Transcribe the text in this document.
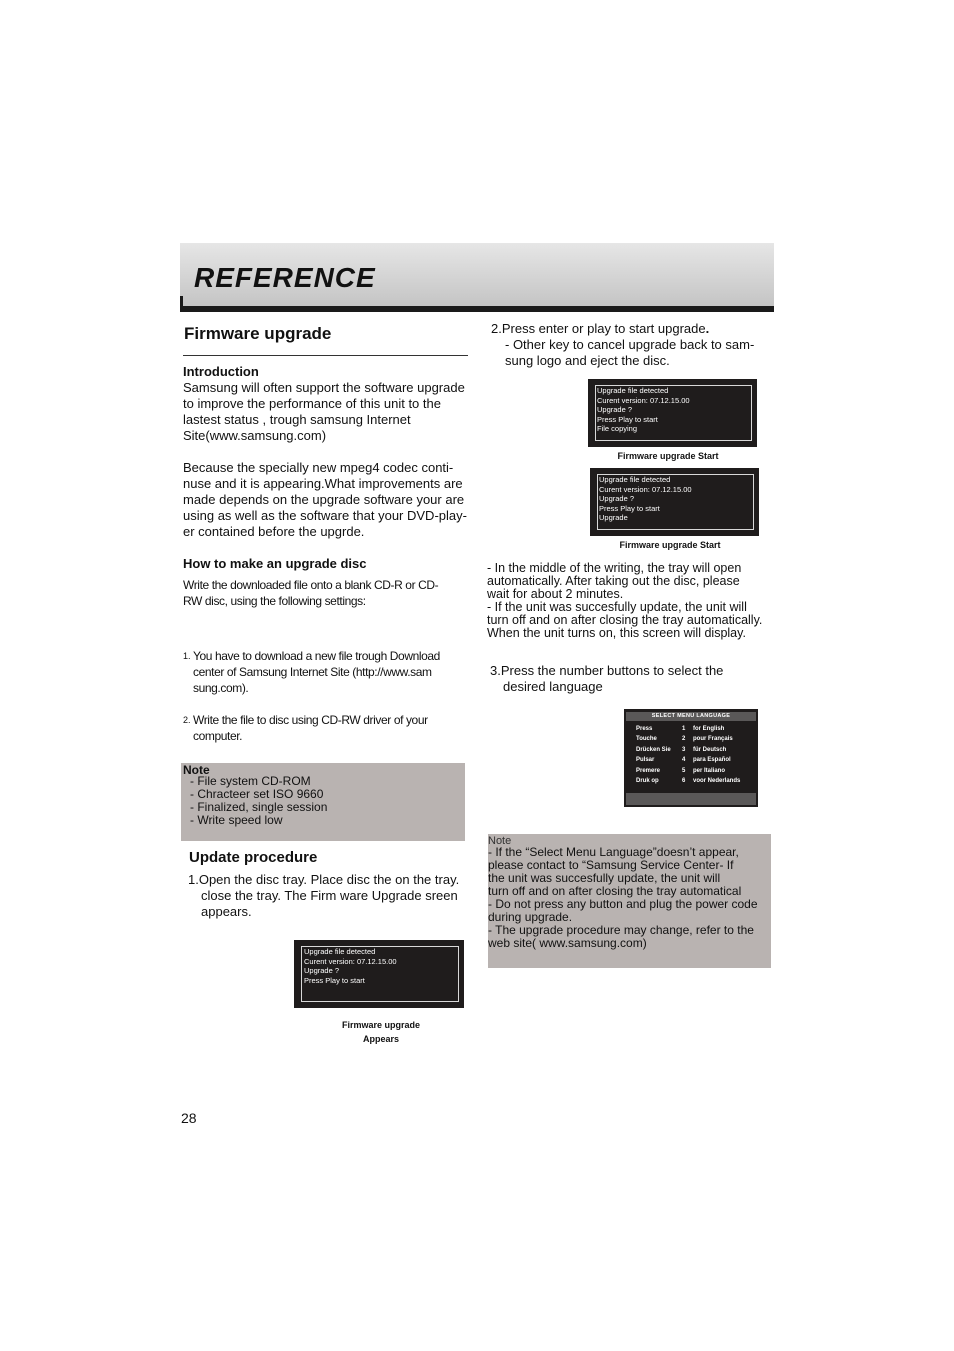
REFERENCE
Firmware upgrade
Introduction
Samsung will often support the software upgrade
to improve the performance of this unit to the
lastest status , trough samsung Internet
Site(www.samsung.com)
Because the specially new mpeg4 codec conti-
nuse and it is appearing.What improvements are
made depends on the upgrade software your are
using as well as the software that your DVD-play-
er contained before the upgrde.
How to make an upgrade disc
Write the downloaded file onto a blank CD-R or CD-
RW disc, using the following settings:
1. You have to download a new file trough Download
center of Samsung Internet Site (http://www.sam
sung.com).
2. Write the file to disc using CD-RW driver of your
computer.
Note
- File system CD-ROM
- Chracteer set ISO 9660
- Finalized, single session
- Write speed low
Update procedure
1.Open the disc tray. Place disc the on the tray.
close the tray. The Firm ware Upgrade sreen
appears.
Upgrade file detected
Curent version: 07.12.15.00
Upgrade ?
Press Play to start
Firmware upgrade
Appears
2.Press enter or play to start upgrade.
- Other key to cancel upgrade back to sam-
sung logo and eject the disc.
Upgrade file detected
Curent version: 07.12.15.00
Upgrade ?
Press Play to start
File copying
Firmware upgrade Start
Upgrade file detected
Curent version: 07.12.15.00
Upgrade ?
Press Play to start
Upgrade
Firmware upgrade Start
- In the middle of the writing, the tray will open
automatically. After taking out the disc, please
wait for about 2 minutes.
- If the unit was succesfully update, the unit will
turn off and on after closing the tray automatically.
When the unit turns on, this screen will display.
3.Press the number buttons to select the
desired language
SELECT MENU LANGUAGE
Press	1 for English
Touche	2 pour Français
Drücken Sie 3 für Deutsch
Pulsar	4 para Español
Premere	5 per Italiano
Druk op	6 voor Nederlands
Note
- If the “Select Menu Language”doesn’t appear,
please contact to “Samsung Service Center- If
the unit was succesfully update, the unit will
turn off and on after closing the tray automatical
- Do not press any button and plug the power code
during upgrade.
- The upgrade procedure may change, refer to the
web site( www.samsung.com)
28
